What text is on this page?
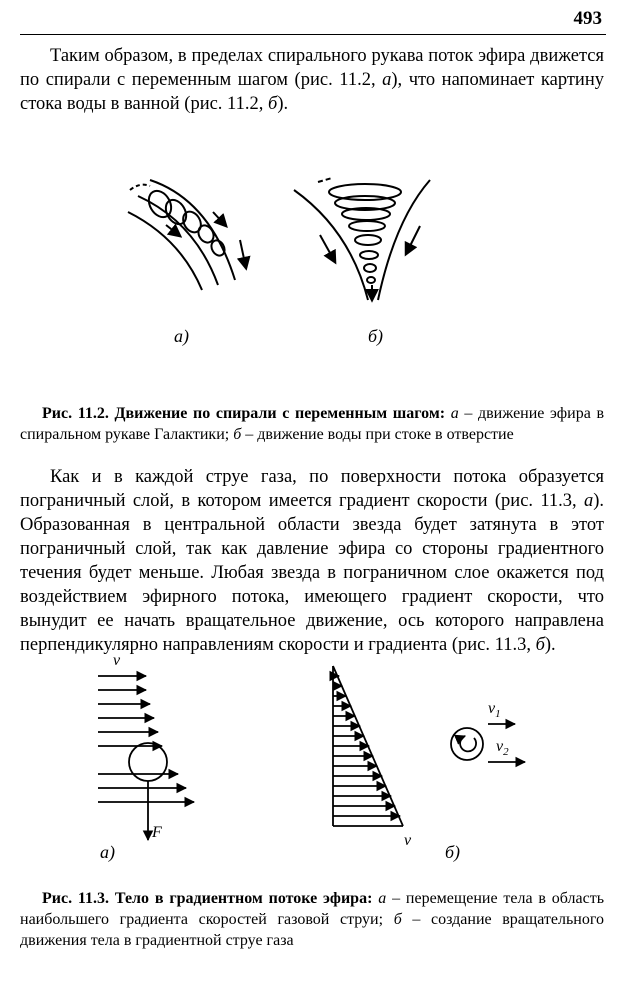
493

Таким образом, в пределах спирального рукава поток эфира движется по спирали с переменным шагом (рис. 11.2, а), что напоминает картину стока воды в ванной (рис. 11.2, б).

а)	б)

Рис. 11.2. Движение по спирали с переменным шагом: а – движение эфира в спиральном рукаве Галактики; б – движение воды при стоке в отверстие

Как и в каждой струе газа, по поверхности потока образуется пограничный слой, в котором имеется градиент скорости (рис. 11.3, а). Образованная в центральной области звезда будет затянута в этот пограничный слой, так как давление эфира со стороны градиентного течения будет меньше. Любая звезда в пограничном слое окажется под воздействием эфирного потока, имеющего градиент скорости, что вынудит ее начать вращательное движение, ось которого направлена перпендикулярно направлениям скорости и градиента (рис. 11.3, б).

v
F
а)
v
б)
$v_1$
$v_2$

Рис. 11.3. Тело в градиентном потоке эфира: а – перемещение тела в область наибольшего градиента скоростей газовой струи; б – создание вращательного движения тела в градиентной струе газа
